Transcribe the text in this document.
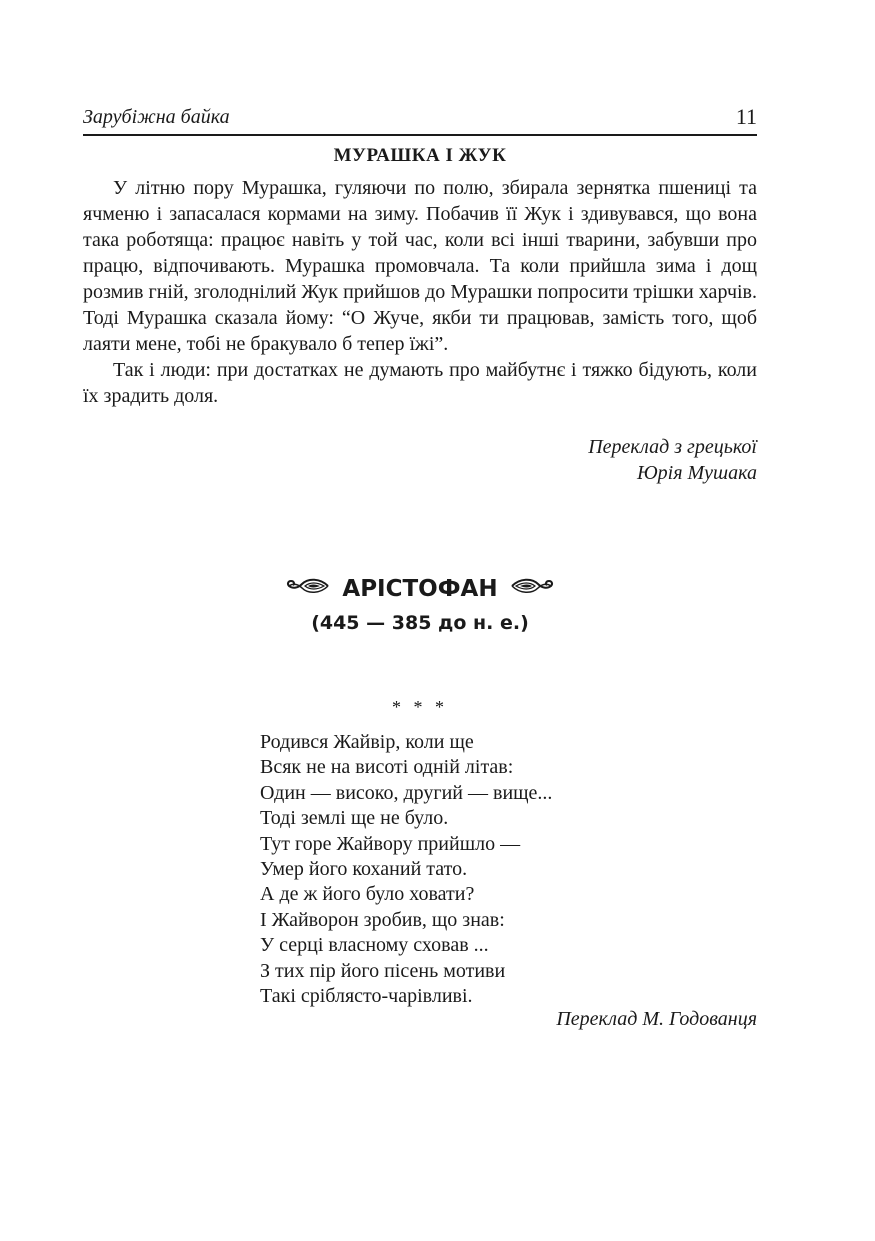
Зарубіжна байка	11
МУРАШКА І ЖУК

У літню пору Мурашка, гуляючи по полю, збирала зернятка пшениці та ячменю і запасалася кормами на зиму. Побачив її Жук і здивувався, що вона така роботяща: працює навіть у той час, коли всі інші тварини, забувши про працю, відпочивають. Мурашка промовчала. Та коли прийшла зима і дощ розмив гній, зголоднілий Жук прийшов до Мурашки попросити трішки харчів. Тоді Мурашка сказала йому: “О Жуче, якби ти працював, замість того, щоб лаяти мене, тобі не бракувало б тепер їжі”.

Так і люди: при достатках не думають про майбутнє і тяжко бідують, коли їх зрадить доля.

Переклад з грецької
Юрія Мушака
АРІСТОФАН
(445 — 385 до н. е.)
* * *
Родився Жайвір, коли ще
Всяк не на висоті одній літав:
Один — високо, другий — вище...
Тоді землі ще не було.
Тут горе Жайвору прийшло —
Умер його коханий тато.
А де ж його було ховати?
І Жайворон зробив, що знав:
У серці власному сховав ...
З тих пір його пісень мотиви
Такі сріблясто-чарівливі.
Переклад М. Годованця
